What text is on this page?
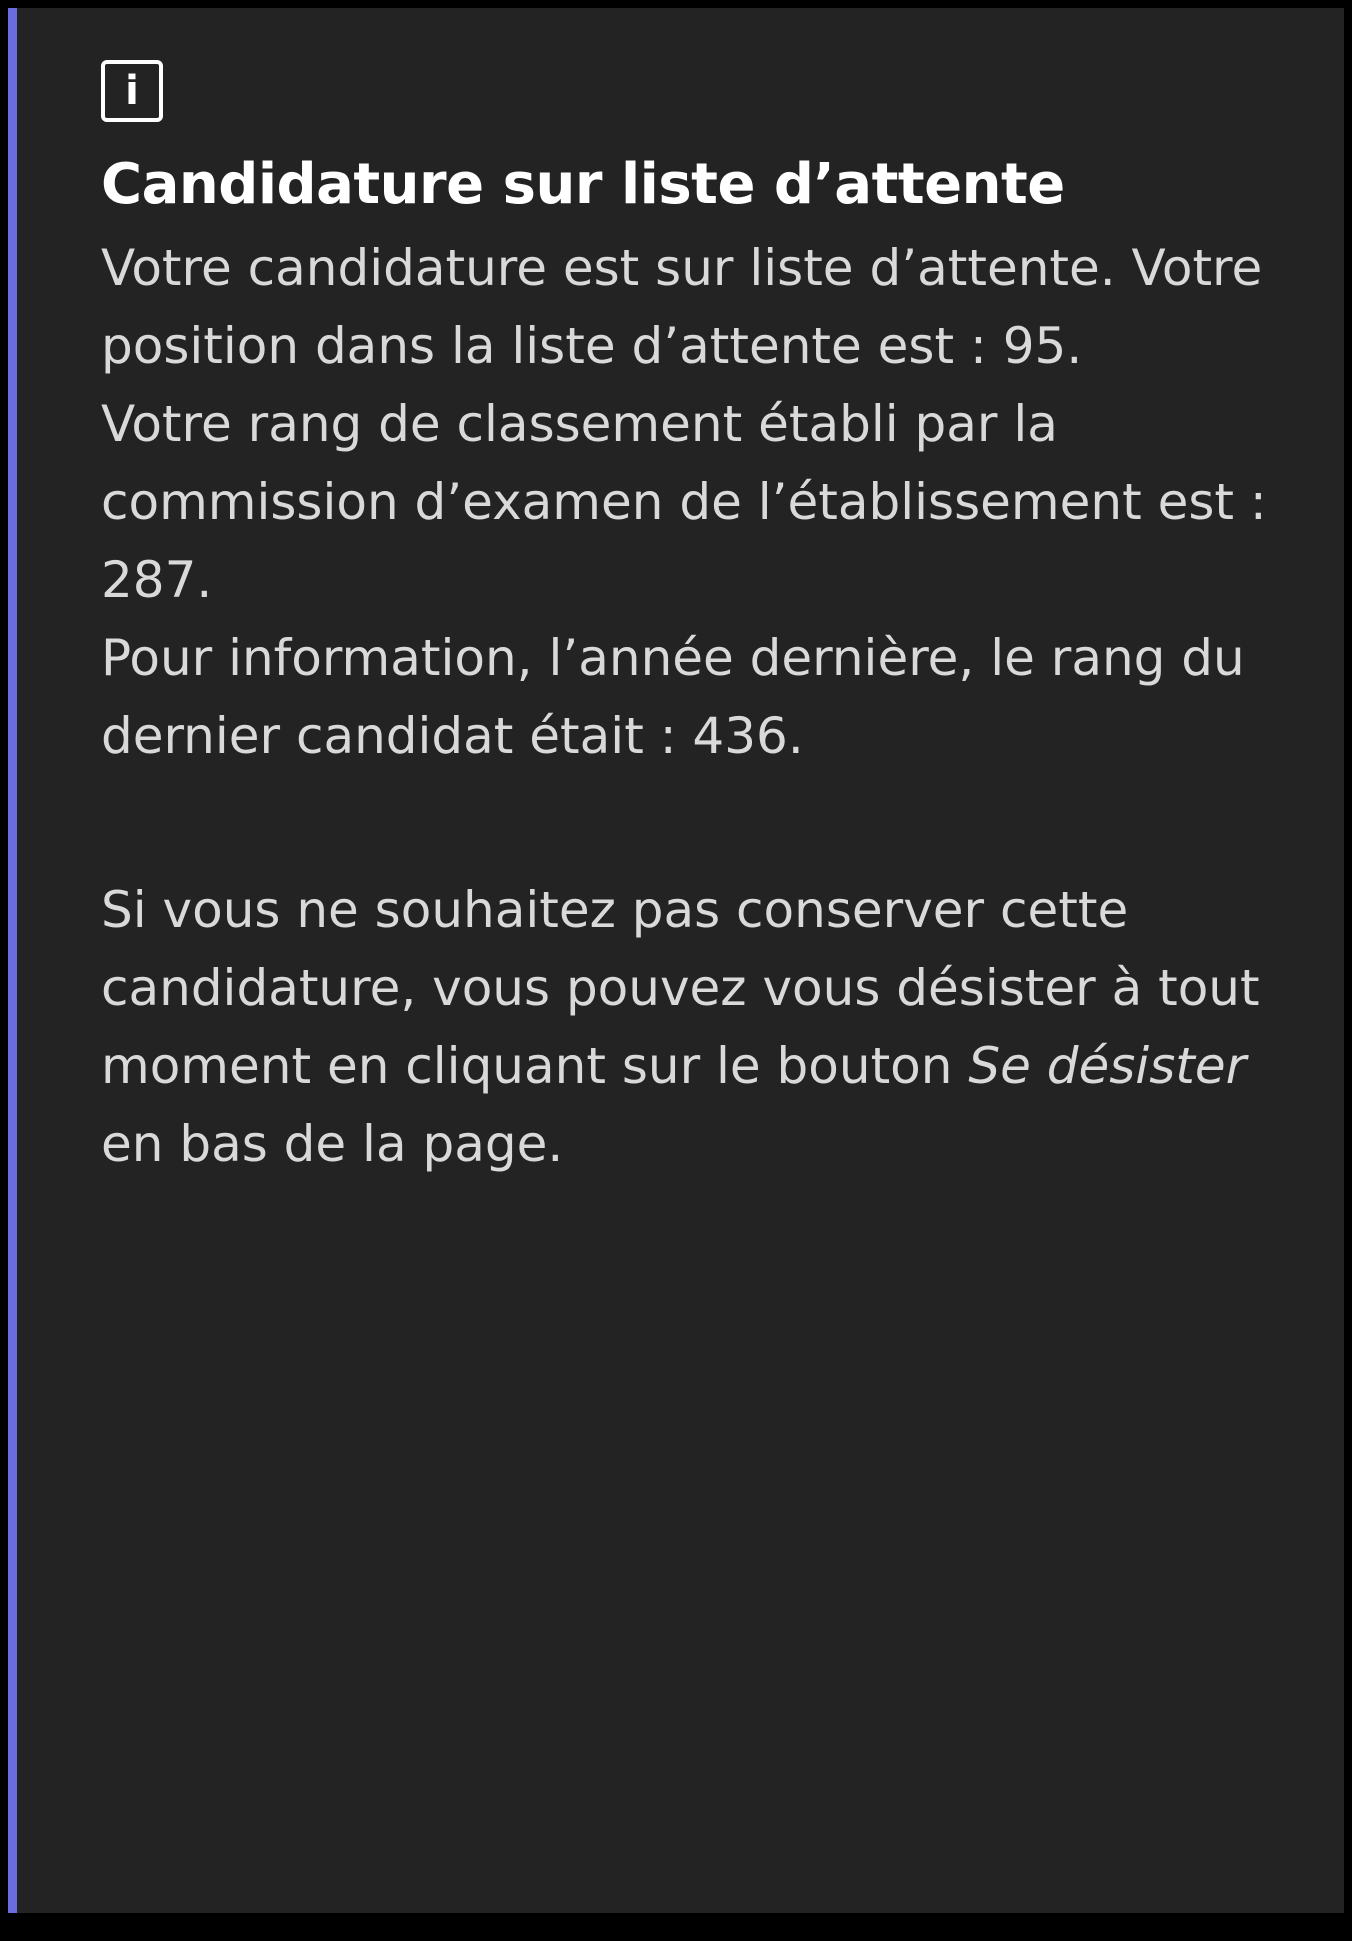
i
Candidature sur liste d’attente

Votre candidature est sur liste d’attente. Votre position dans la liste d’attente est : 95.

Votre rang de classement établi par la commission d’examen de l’établissement est : 287.

Pour information, l’année dernière, le rang du dernier candidat était : 436.

Si vous ne souhaitez pas conserver cette candidature, vous pouvez vous désister à tout moment en cliquant sur le bouton Se désister en bas de la page.
